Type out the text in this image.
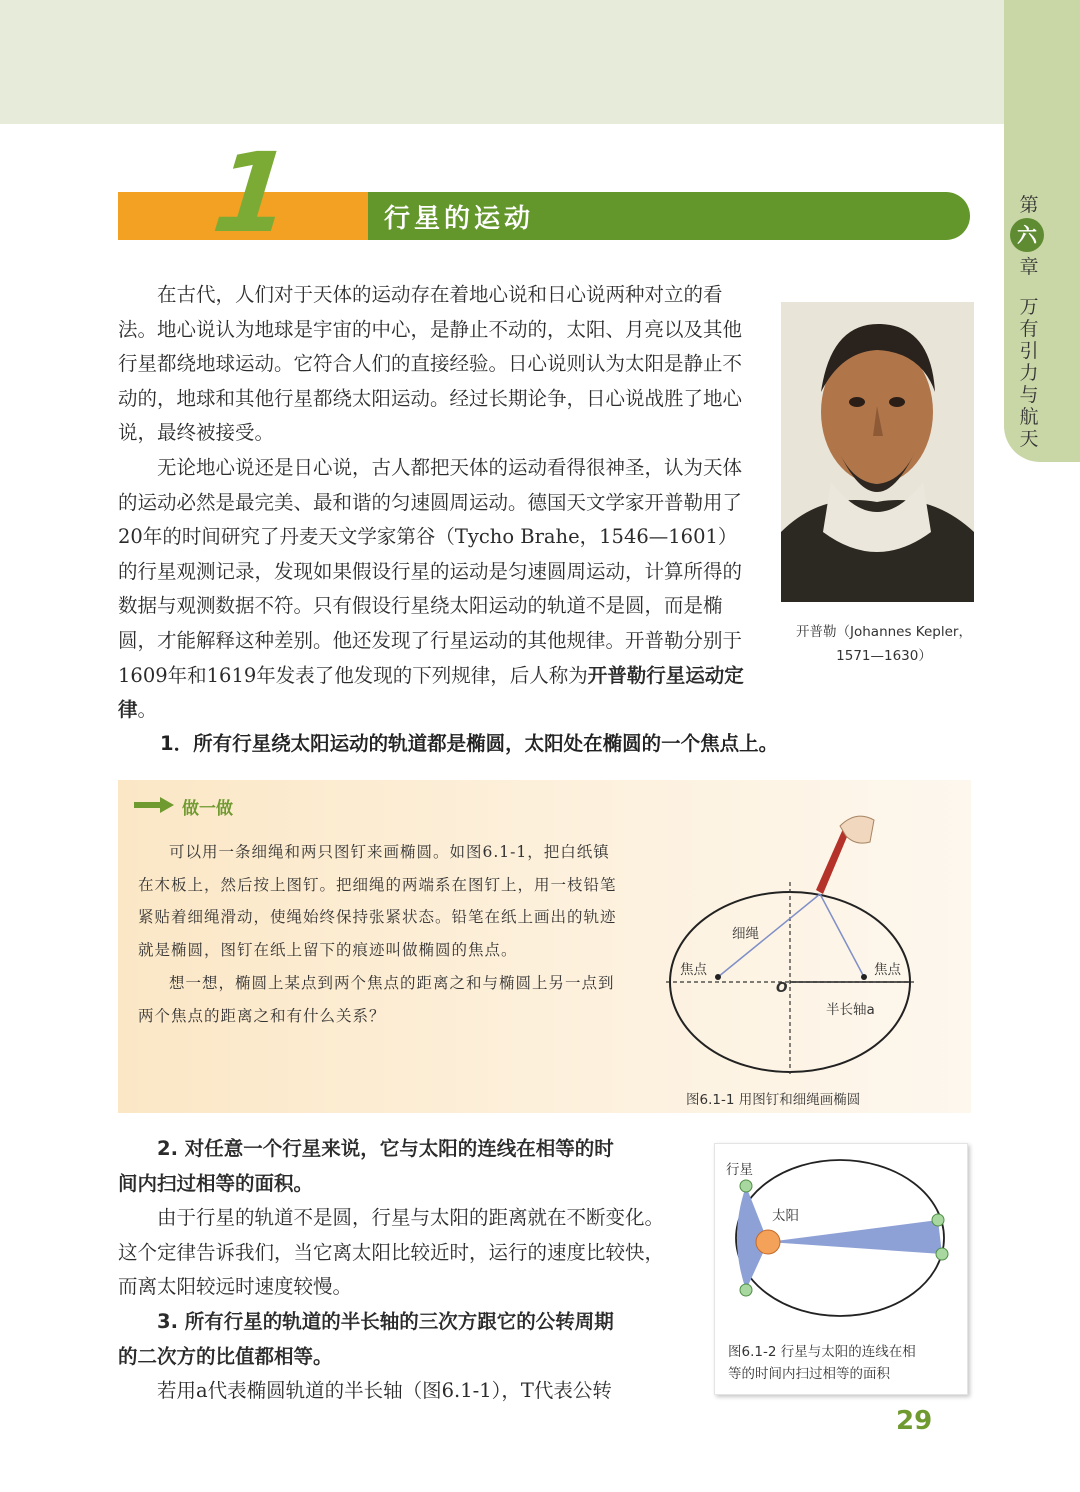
第
六
章
万有引力与航天
1	行星的运动

在古代，人们对于天体的运动存在着地心说和日心说两种对立的看法。地心说认为地球是宇宙的中心，是静止不动的，太阳、月亮以及其他行星都绕地球运动。它符合人们的直接经验。日心说则认为太阳是静止不动的，地球和其他行星都绕太阳运动。经过长期论争，日心说战胜了地心说，最终被接受。

无论地心说还是日心说，古人都把天体的运动看得很神圣，认为天体的运动必然是最完美、最和谐的匀速圆周运动。德国天文学家开普勒用了20年的时间研究了丹麦天文学家第谷（Tycho Brahe，1546—1601）的行星观测记录，发现如果假设行星的运动是匀速圆周运动，计算所得的数据与观测数据不符。只有假设行星绕太阳运动的轨道不是圆，而是椭圆，才能解释这种差别。他还发现了行星运动的其他规律。开普勒分别于1609年和1619年发表了他发现的下列规律，后人称为开普勒行星运动定律。

开普勒（Johannes Kepler，
1571—1630）
1．所有行星绕太阳运动的轨道都是椭圆，太阳处在椭圆的一个焦点上。
做一做

可以用一条细绳和两只图钉来画椭圆。如图6.1-1，把白纸镇在木板上，然后按上图钉。把细绳的两端系在图钉上，用一枝铅笔紧贴着细绳滑动，使绳始终保持张紧状态。铅笔在纸上画出的轨迹就是椭圆，图钉在纸上留下的痕迹叫做椭圆的焦点。

想一想，椭圆上某点到两个焦点的距离之和与椭圆上另一点到两个焦点的距离之和有什么关系？

细绳
焦点	焦点
O
半长轴a
图6.1-1 用图钉和细绳画椭圆

2. 对任意一个行星来说，它与太阳的连线在相等的时

间内扫过相等的面积。

由于行星的轨道不是圆，行星与太阳的距离就在不断变化。这个定律告诉我们，当它离太阳比较近时，运行的速度比较快，而离太阳较远时速度较慢。

3. 所有行星的轨道的半长轴的三次方跟它的公转周期

的二次方的比值都相等。

若用a代表椭圆轨道的半长轴（图6.1-1），T代表公转

行星
太阳
图6.1-2 行星与太阳的连线在相
等的时间内扫过相等的面积
29
